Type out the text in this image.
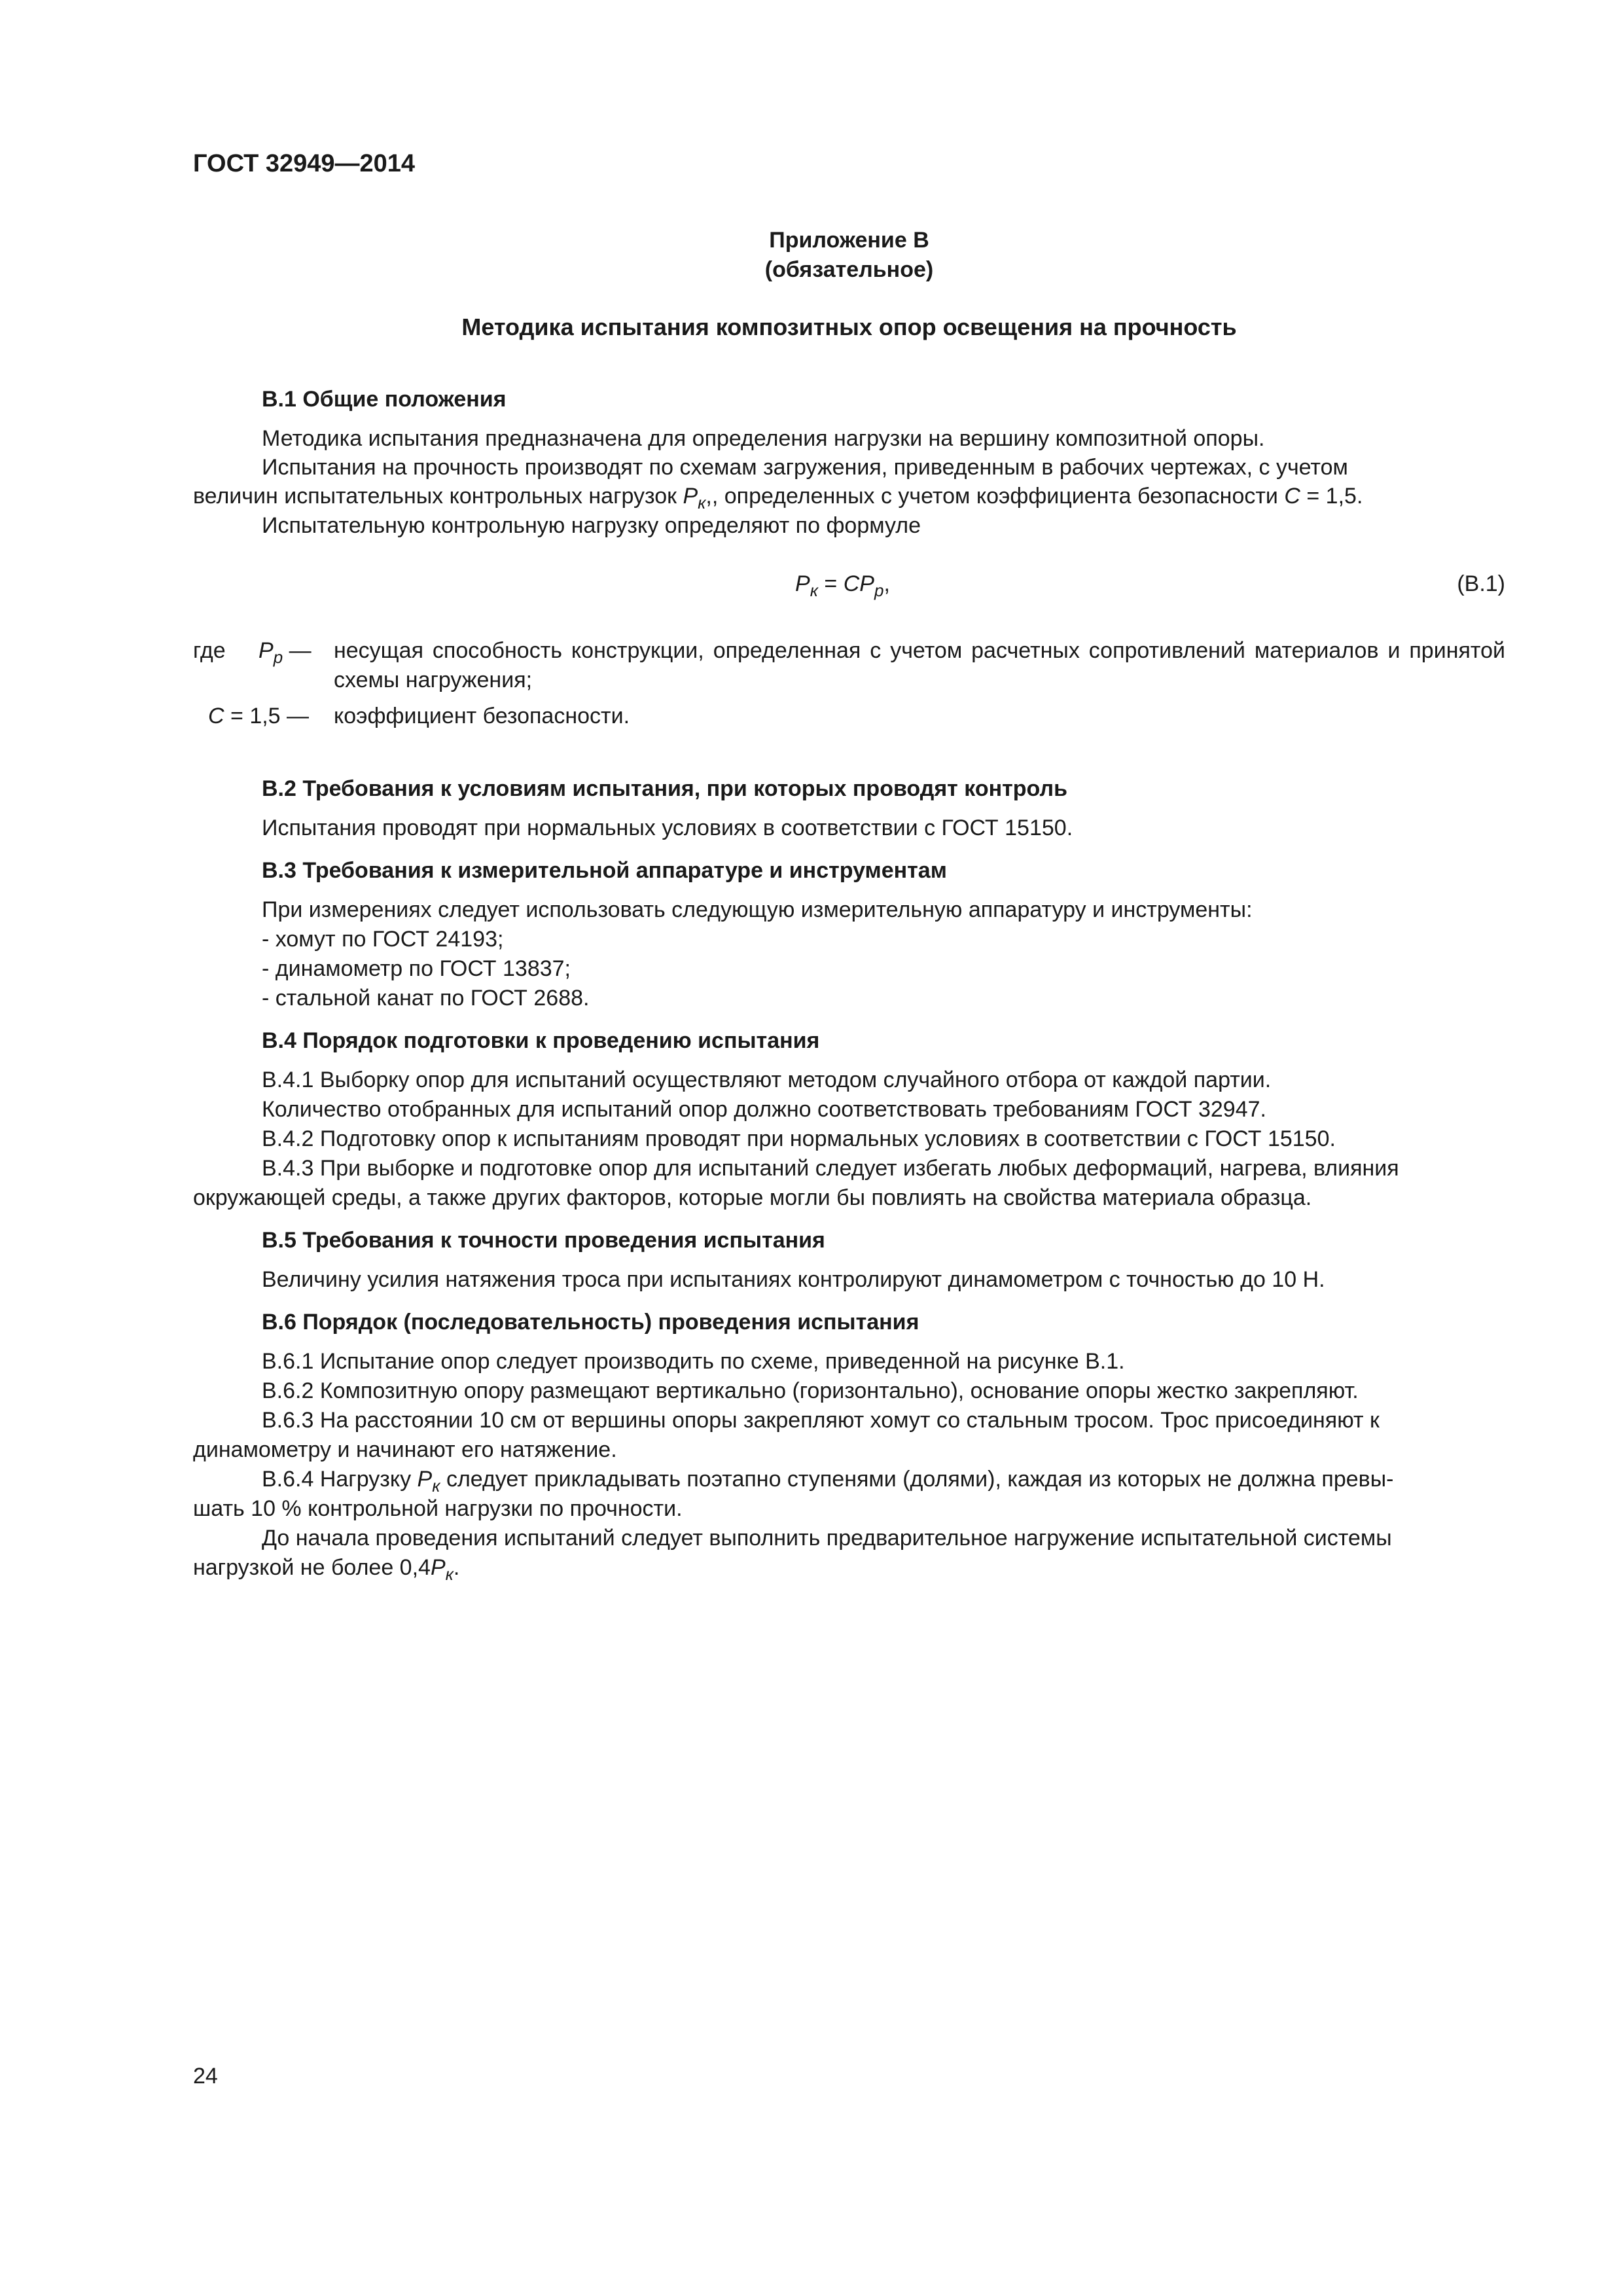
ГОСТ 32949—2014
Приложение В
(обязательное)
Методика испытания композитных опор освещения на прочность
В.1 Общие положения
Методика испытания предназначена для определения нагрузки на вершину композитной опоры.
Испытания на прочность производят по схемам загружения, приведенным в рабочих чертежах, с учетом
величин испытательных контрольных нагрузок $P_к$,, определенных с учетом коэффициента безопасности C = 1,5.
Испытательную контрольную нагрузку определяют по формуле
$P_к = CP_р$,	(В.1)
где $P_р$ — несущая способность конструкции, определенная с учетом расчетных сопротивлений материалов и принятой схемы нагружения;
C = 1,5 — коэффициент безопасности.
В.2 Требования к условиям испытания, при которых проводят контроль
Испытания проводят при нормальных условиях в соответствии с ГОСТ 15150.
В.3 Требования к измерительной аппаратуре и инструментам
При измерениях следует использовать следующую измерительную аппаратуру и инструменты:
- хомут по ГОСТ 24193;
- динамометр по ГОСТ 13837;
- стальной канат по ГОСТ 2688.
В.4 Порядок подготовки к проведению испытания
В.4.1 Выборку опор для испытаний осуществляют методом случайного отбора от каждой партии.
Количество отобранных для испытаний опор должно соответствовать требованиям ГОСТ 32947.
В.4.2 Подготовку опор к испытаниям проводят при нормальных условиях в соответствии с ГОСТ 15150.
В.4.3 При выборке и подготовке опор для испытаний следует избегать любых деформаций, нагрева, влияния
окружающей среды, а также других факторов, которые могли бы повлиять на свойства материала образца.
В.5 Требования к точности проведения испытания
Величину усилия натяжения троса при испытаниях контролируют динамометром с точностью до 10 Н.
В.6 Порядок (последовательность) проведения испытания
В.6.1 Испытание опор следует производить по схеме, приведенной на рисунке В.1.
В.6.2 Композитную опору размещают вертикально (горизонтально), основание опоры жестко закрепляют.
В.6.3 На расстоянии 10 см от вершины опоры закрепляют хомут со стальным тросом. Трос присоединяют к
динамометру и начинают его натяжение.
В.6.4 Нагрузку $P_к$ следует прикладывать поэтапно ступенями (долями), каждая из которых не должна превы-
шать 10 % контрольной нагрузки по прочности.
До начала проведения испытаний следует выполнить предварительное нагружение испытательной системы
нагрузкой не более $0,4P_к$.
24
